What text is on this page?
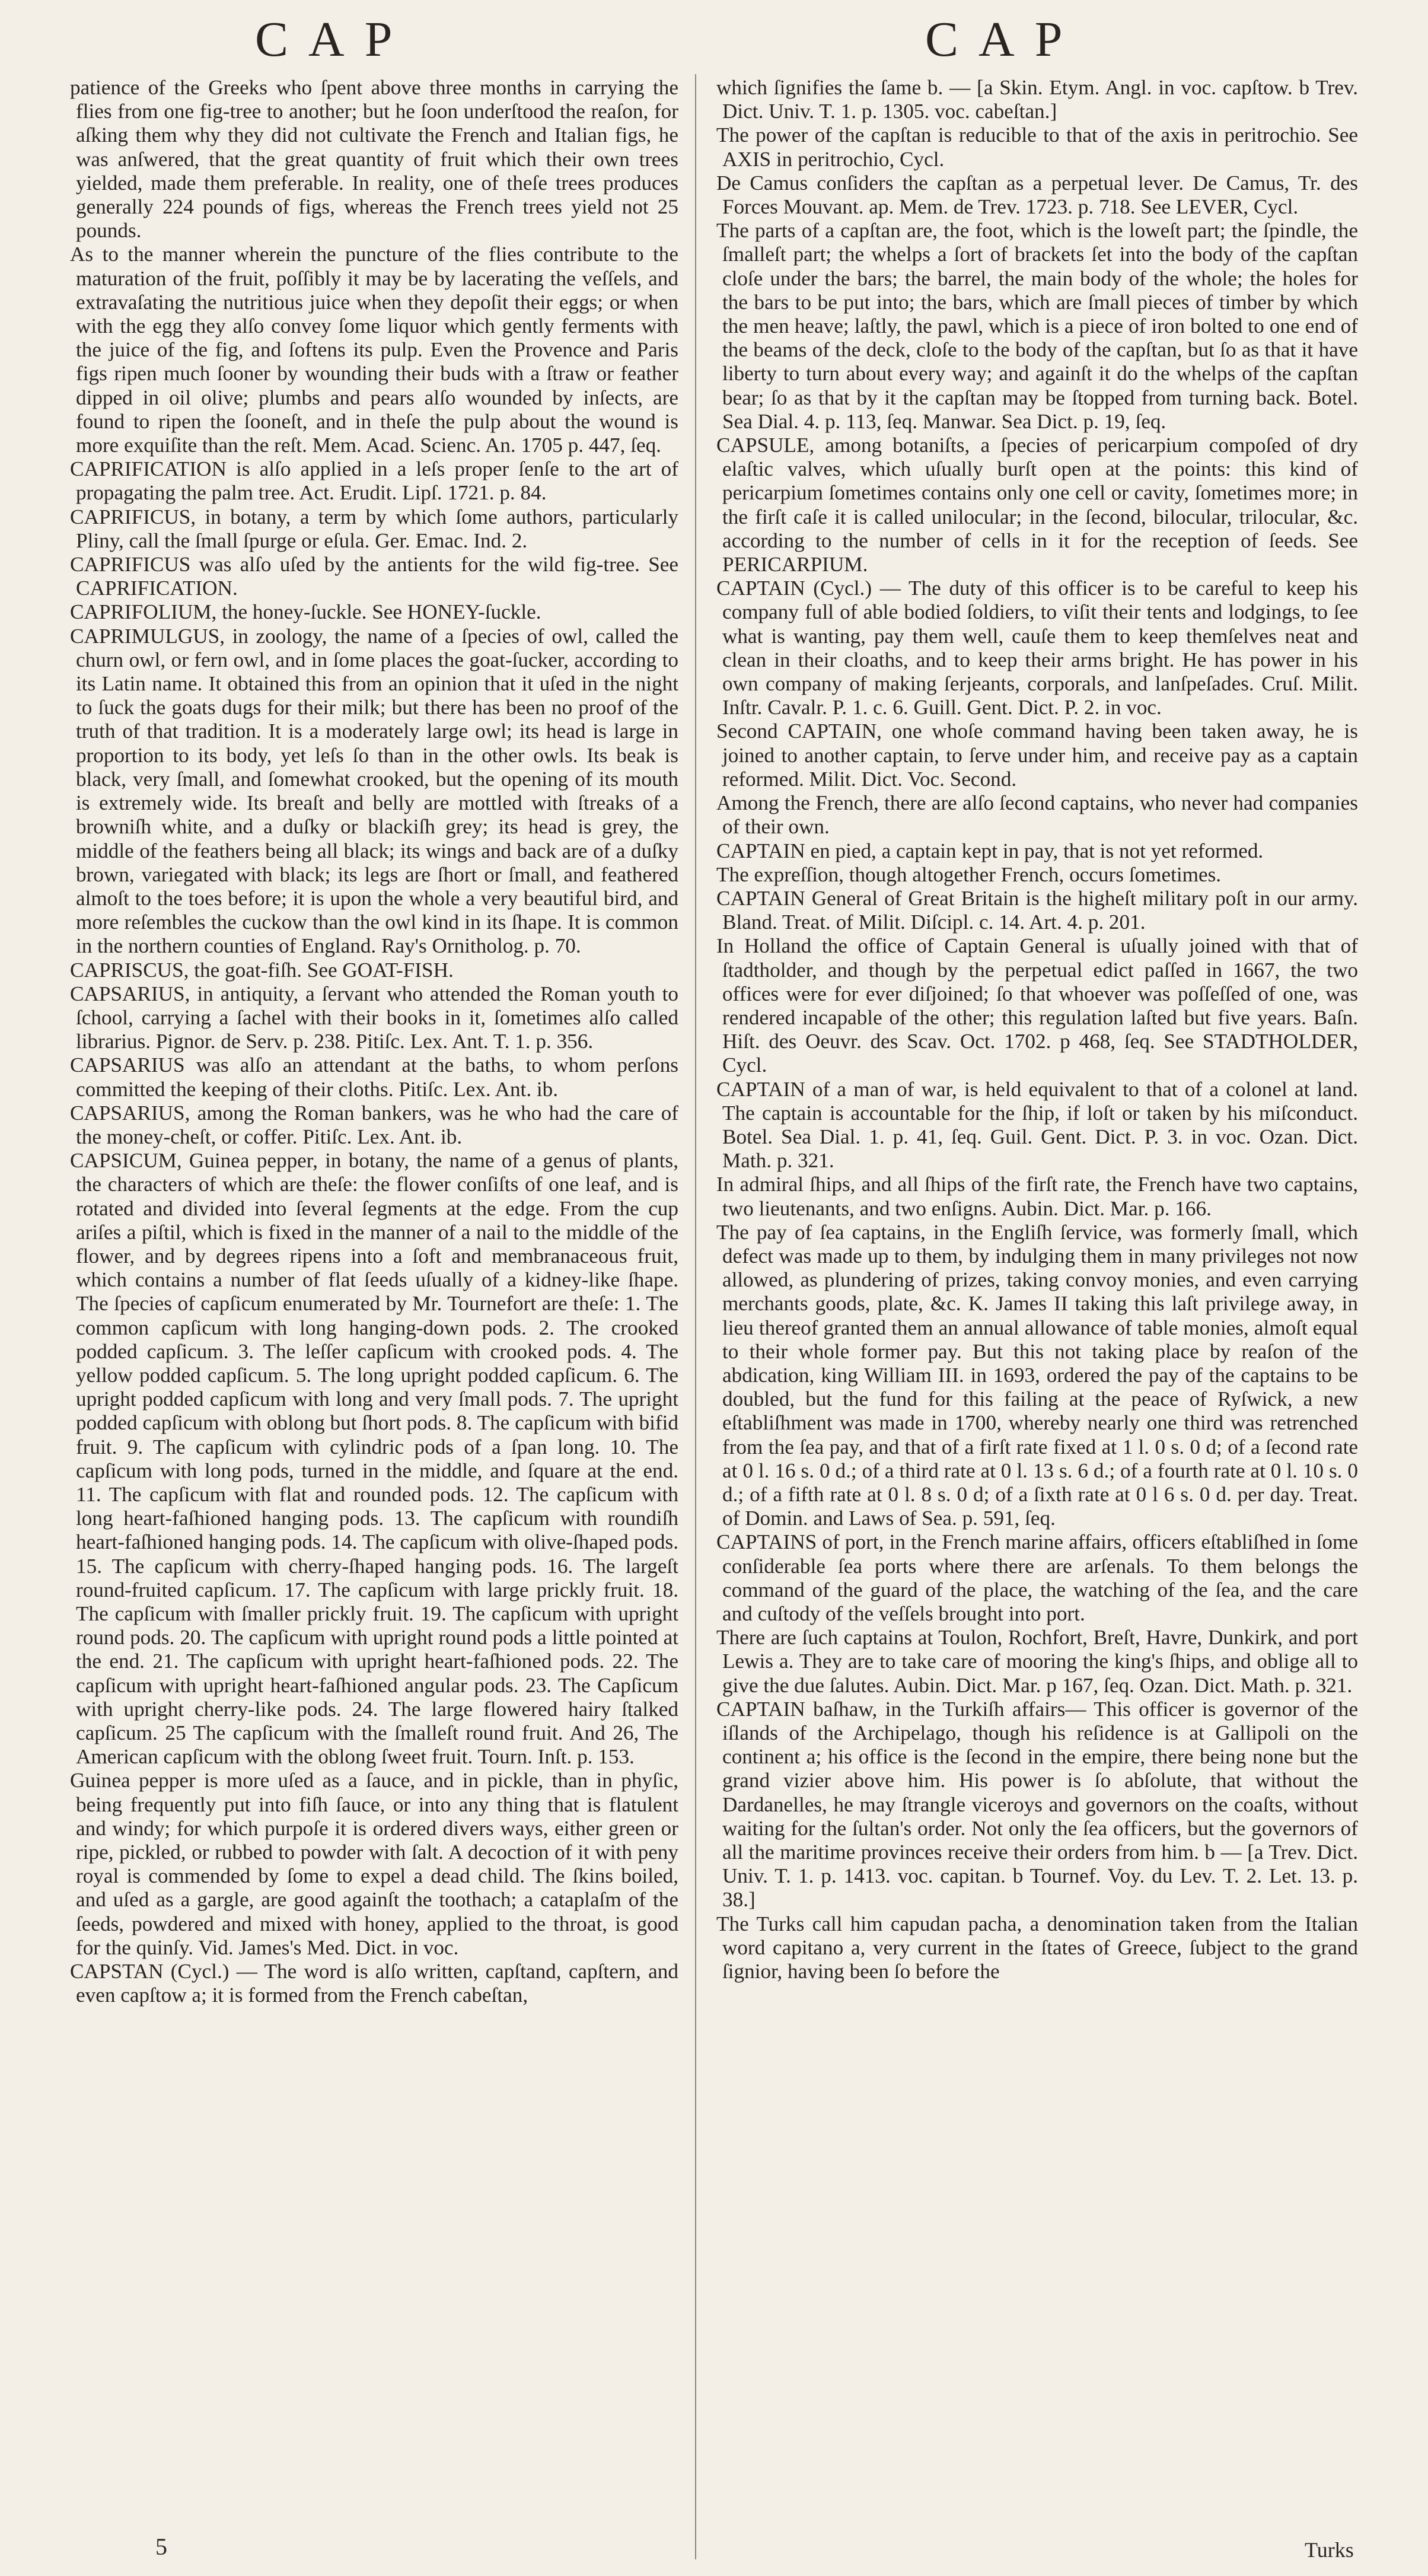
CAP	CAP

patience of the Greeks who ſpent above three months in carrying the flies from one fig-tree to another; but he ſoon underſtood the reaſon, for aſking them why they did not cultivate the French and Italian figs, he was anſwered, that the great quantity of fruit which their own trees yielded, made them preferable. In reality, one of theſe trees produces generally 224 pounds of figs, whereas the French trees yield not 25 pounds.

As to the manner wherein the puncture of the flies contribute to the maturation of the fruit, poſſibly it may be by lacerating the veſſels, and extravaſating the nutritious juice when they depoſit their eggs; or when with the egg they alſo convey ſome liquor which gently ferments with the juice of the fig, and ſoftens its pulp. Even the Provence and Paris figs ripen much ſooner by wounding their buds with a ſtraw or feather dipped in oil olive; plumbs and pears alſo wounded by inſects, are found to ripen the ſooneſt, and in theſe the pulp about the wound is more exquiſite than the reſt. Mem. Acad. Scienc. An. 1705 p. 447, ſeq.

CAPRIFICATION is alſo applied in a leſs proper ſenſe to the art of propagating the palm tree. Act. Erudit. Lipſ. 1721. p. 84.

CAPRIFICUS, in botany, a term by which ſome authors, particularly Pliny, call the ſmall ſpurge or eſula. Ger. Emac. Ind. 2.

CAPRIFICUS was alſo uſed by the antients for the wild fig-tree. See CAPRIFICATION.

CAPRIFOLIUM, the honey-ſuckle. See HONEY-ſuckle.

CAPRIMULGUS, in zoology, the name of a ſpecies of owl, called the churn owl, or fern owl, and in ſome places the goat-ſucker, according to its Latin name. It obtained this from an opinion that it uſed in the night to ſuck the goats dugs for their milk; but there has been no proof of the truth of that tradition. It is a moderately large owl; its head is large in proportion to its body, yet leſs ſo than in the other owls. Its beak is black, very ſmall, and ſomewhat crooked, but the opening of its mouth is extremely wide. Its breaſt and belly are mottled with ſtreaks of a browniſh white, and a duſky or blackiſh grey; its head is grey, the middle of the feathers being all black; its wings and back are of a duſky brown, variegated with black; its legs are ſhort or ſmall, and feathered almoſt to the toes before; it is upon the whole a very beautiful bird, and more reſembles the cuckow than the owl kind in its ſhape. It is common in the northern counties of England. Ray's Ornitholog. p. 70.

CAPRISCUS, the goat-fiſh. See GOAT-FISH.

CAPSARIUS, in antiquity, a ſervant who attended the Roman youth to ſchool, carrying a ſachel with their books in it, ſometimes alſo called librarius. Pignor. de Serv. p. 238. Pitiſc. Lex. Ant. T. 1. p. 356.

CAPSARIUS was alſo an attendant at the baths, to whom perſons committed the keeping of their cloths. Pitiſc. Lex. Ant. ib.

CAPSARIUS, among the Roman bankers, was he who had the care of the money-cheſt, or coffer. Pitiſc. Lex. Ant. ib.

CAPSICUM, Guinea pepper, in botany, the name of a genus of plants, the characters of which are theſe: the flower conſiſts of one leaf, and is rotated and divided into ſeveral ſegments at the edge. From the cup ariſes a piſtil, which is fixed in the manner of a nail to the middle of the flower, and by degrees ripens into a ſoft and membranaceous fruit, which contains a number of flat ſeeds uſually of a kidney-like ſhape. The ſpecies of capſicum enumerated by Mr. Tournefort are theſe: 1. The common capſicum with long hanging-down pods. 2. The crooked podded capſicum. 3. The leſſer capſicum with crooked pods. 4. The yellow podded capſicum. 5. The long upright podded capſicum. 6. The upright podded capſicum with long and very ſmall pods. 7. The upright podded capſicum with oblong but ſhort pods. 8. The capſicum with bifid fruit. 9. The capſicum with cylindric pods of a ſpan long. 10. The capſicum with long pods, turned in the middle, and ſquare at the end. 11. The capſicum with flat and rounded pods. 12. The capſicum with long heart-faſhioned hanging pods. 13. The capſicum with roundiſh heart-faſhioned hanging pods. 14. The capſicum with olive-ſhaped pods. 15. The capſicum with cherry-ſhaped hanging pods. 16. The largeſt round-fruited capſicum. 17. The capſicum with large prickly fruit. 18. The capſicum with ſmaller prickly fruit. 19. The capſicum with upright round pods. 20. The capſicum with upright round pods a little pointed at the end. 21. The capſicum with upright heart-faſhioned pods. 22. The capſicum with upright heart-faſhioned angular pods. 23. The Capſicum with upright cherry-like pods. 24. The large flowered hairy ſtalked capſicum. 25 The capſicum with the ſmalleſt round fruit. And 26, The American capſicum with the oblong ſweet fruit. Tourn. Inſt. p. 153.

Guinea pepper is more uſed as a ſauce, and in pickle, than in phyſic, being frequently put into fiſh ſauce, or into any thing that is flatulent and windy; for which purpoſe it is ordered divers ways, either green or ripe, pickled, or rubbed to powder with ſalt. A decoction of it with peny royal is commended by ſome to expel a dead child. The ſkins boiled, and uſed as a gargle, are good againſt the toothach; a cataplaſm of the ſeeds, powdered and mixed with honey, applied to the throat, is good for the quinſy. Vid. James's Med. Dict. in voc.

CAPSTAN (Cycl.) — The word is alſo written, capſtand, capſtern, and even capſtow a; it is formed from the French cabeſtan,

which ſignifies the ſame b. — [a Skin. Etym. Angl. in voc. capſtow. b Trev. Dict. Univ. T. 1. p. 1305. voc. cabeſtan.]

The power of the capſtan is reducible to that of the axis in peritrochio. See AXIS in peritrochio, Cycl.

De Camus conſiders the capſtan as a perpetual lever. De Camus, Tr. des Forces Mouvant. ap. Mem. de Trev. 1723. p. 718. See LEVER, Cycl.

The parts of a capſtan are, the foot, which is the loweſt part; the ſpindle, the ſmalleſt part; the whelps a ſort of brackets ſet into the body of the capſtan cloſe under the bars; the barrel, the main body of the whole; the holes for the bars to be put into; the bars, which are ſmall pieces of timber by which the men heave; laſtly, the pawl, which is a piece of iron bolted to one end of the beams of the deck, cloſe to the body of the capſtan, but ſo as that it have liberty to turn about every way; and againſt it do the whelps of the capſtan bear; ſo as that by it the capſtan may be ſtopped from turning back. Botel. Sea Dial. 4. p. 113, ſeq. Manwar. Sea Dict. p. 19, ſeq.

CAPSULE, among botaniſts, a ſpecies of pericarpium compoſed of dry elaſtic valves, which uſually burſt open at the points: this kind of pericarpium ſometimes contains only one cell or cavity, ſometimes more; in the firſt caſe it is called unilocular; in the ſecond, bilocular, trilocular, &c. according to the number of cells in it for the reception of ſeeds. See PERICARPIUM.

CAPTAIN (Cycl.) — The duty of this officer is to be careful to keep his company full of able bodied ſoldiers, to viſit their tents and lodgings, to ſee what is wanting, pay them well, cauſe them to keep themſelves neat and clean in their cloaths, and to keep their arms bright. He has power in his own company of making ſerjeants, corporals, and lanſpeſades. Cruſ. Milit. Inſtr. Cavalr. P. 1. c. 6. Guill. Gent. Dict. P. 2. in voc.

Second CAPTAIN, one whoſe command having been taken away, he is joined to another captain, to ſerve under him, and receive pay as a captain reformed. Milit. Dict. Voc. Second.

Among the French, there are alſo ſecond captains, who never had companies of their own.

CAPTAIN en pied, a captain kept in pay, that is not yet reformed.

The expreſſion, though altogether French, occurs ſometimes.

CAPTAIN General of Great Britain is the higheſt military poſt in our army. Bland. Treat. of Milit. Diſcipl. c. 14. Art. 4. p. 201.

In Holland the office of Captain General is uſually joined with that of ſtadtholder, and though by the perpetual edict paſſed in 1667, the two offices were for ever diſjoined; ſo that whoever was poſſeſſed of one, was rendered incapable of the other; this regulation laſted but five years. Baſn. Hiſt. des Oeuvr. des Scav. Oct. 1702. p 468, ſeq. See STADTHOLDER, Cycl.

CAPTAIN of a man of war, is held equivalent to that of a colonel at land. The captain is accountable for the ſhip, if loſt or taken by his miſconduct. Botel. Sea Dial. 1. p. 41, ſeq. Guil. Gent. Dict. P. 3. in voc. Ozan. Dict. Math. p. 321.

In admiral ſhips, and all ſhips of the firſt rate, the French have two captains, two lieutenants, and two enſigns. Aubin. Dict. Mar. p. 166.

The pay of ſea captains, in the Engliſh ſervice, was formerly ſmall, which defect was made up to them, by indulging them in many privileges not now allowed, as plundering of prizes, taking convoy monies, and even carrying merchants goods, plate, &c. K. James II taking this laſt privilege away, in lieu thereof granted them an annual allowance of table monies, almoſt equal to their whole former pay. But this not taking place by reaſon of the abdication, king William III. in 1693, ordered the pay of the captains to be doubled, but the fund for this failing at the peace of Ryſwick, a new eſtabliſhment was made in 1700, whereby nearly one third was retrenched from the ſea pay, and that of a firſt rate fixed at 1 l. 0 s. 0 d; of a ſecond rate at 0 l. 16 s. 0 d.; of a third rate at 0 l. 13 s. 6 d.; of a fourth rate at 0 l. 10 s. 0 d.; of a fifth rate at 0 l. 8 s. 0 d; of a ſixth rate at 0 l 6 s. 0 d. per day. Treat. of Domin. and Laws of Sea. p. 591, ſeq.

CAPTAINS of port, in the French marine affairs, officers eſtabliſhed in ſome conſiderable ſea ports where there are arſenals. To them belongs the command of the guard of the place, the watching of the ſea, and the care and cuſtody of the veſſels brought into port.

There are ſuch captains at Toulon, Rochfort, Breſt, Havre, Dunkirk, and port Lewis a. They are to take care of mooring the king's ſhips, and oblige all to give the due ſalutes. Aubin. Dict. Mar. p 167, ſeq. Ozan. Dict. Math. p. 321.

CAPTAIN baſhaw, in the Turkiſh affairs— This officer is governor of the iſlands of the Archipelago, though his reſidence is at Gallipoli on the continent a; his office is the ſecond in the empire, there being none but the grand vizier above him. His power is ſo abſolute, that without the Dardanelles, he may ſtrangle viceroys and governors on the coaſts, without waiting for the ſultan's order. Not only the ſea officers, but the governors of all the maritime provinces receive their orders from him. b — [a Trev. Dict. Univ. T. 1. p. 1413. voc. capitan. b Tournef. Voy. du Lev. T. 2. Let. 13. p. 38.]

The Turks call him capudan pacha, a denomination taken from the Italian word capitano a, very current in the ſtates of Greece, ſubject to the grand ſignior, having been ſo before the

5	Turks
